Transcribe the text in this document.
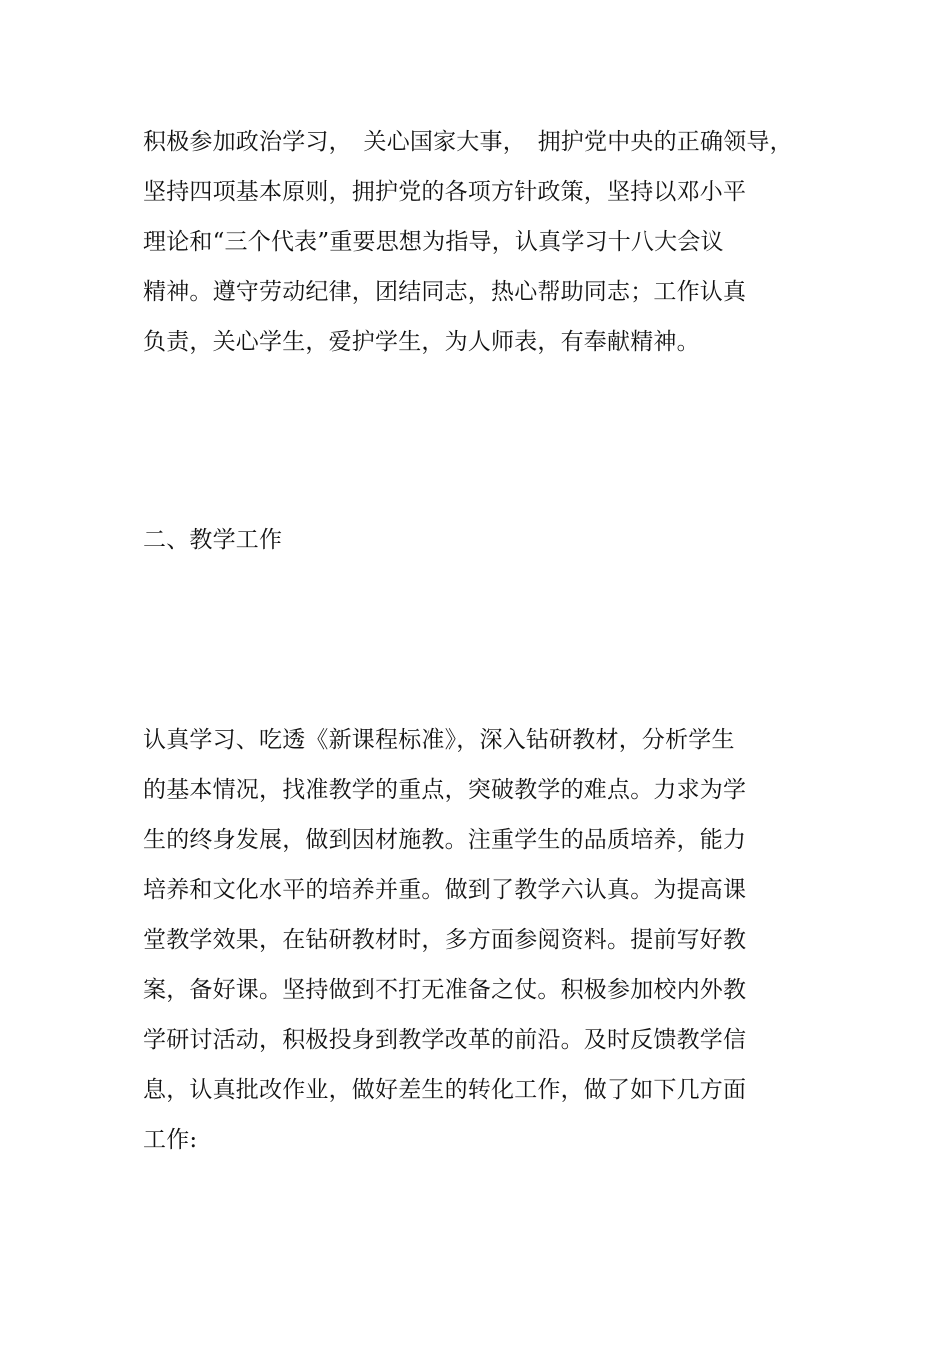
积极参加政治学习，　关心国家大事，　拥护党中央的正确领导，
坚持四项基本原则，拥护党的各项方针政策，坚持以邓小平
理论和“三个代表”重要思想为指导，认真学习十八大会议
精神。遵守劳动纪律，团结同志，热心帮助同志；工作认真
负责，关心学生，爱护学生，为人师表，有奉献精神。
二、教学工作
认真学习、吃透《新课程标准》，深入钻研教材，分析学生
的基本情况，找准教学的重点，突破教学的难点。力求为学
生的终身发展，做到因材施教。注重学生的品质培养，能力
培养和文化水平的培养并重。做到了教学六认真。为提高课
堂教学效果，在钻研教材时，多方面参阅资料。提前写好教
案，备好课。坚持做到不打无准备之仗。积极参加校内外教
学研讨活动，积极投身到教学改革的前沿。及时反馈教学信
息，认真批改作业，做好差生的转化工作，做了如下几方面
工作:
